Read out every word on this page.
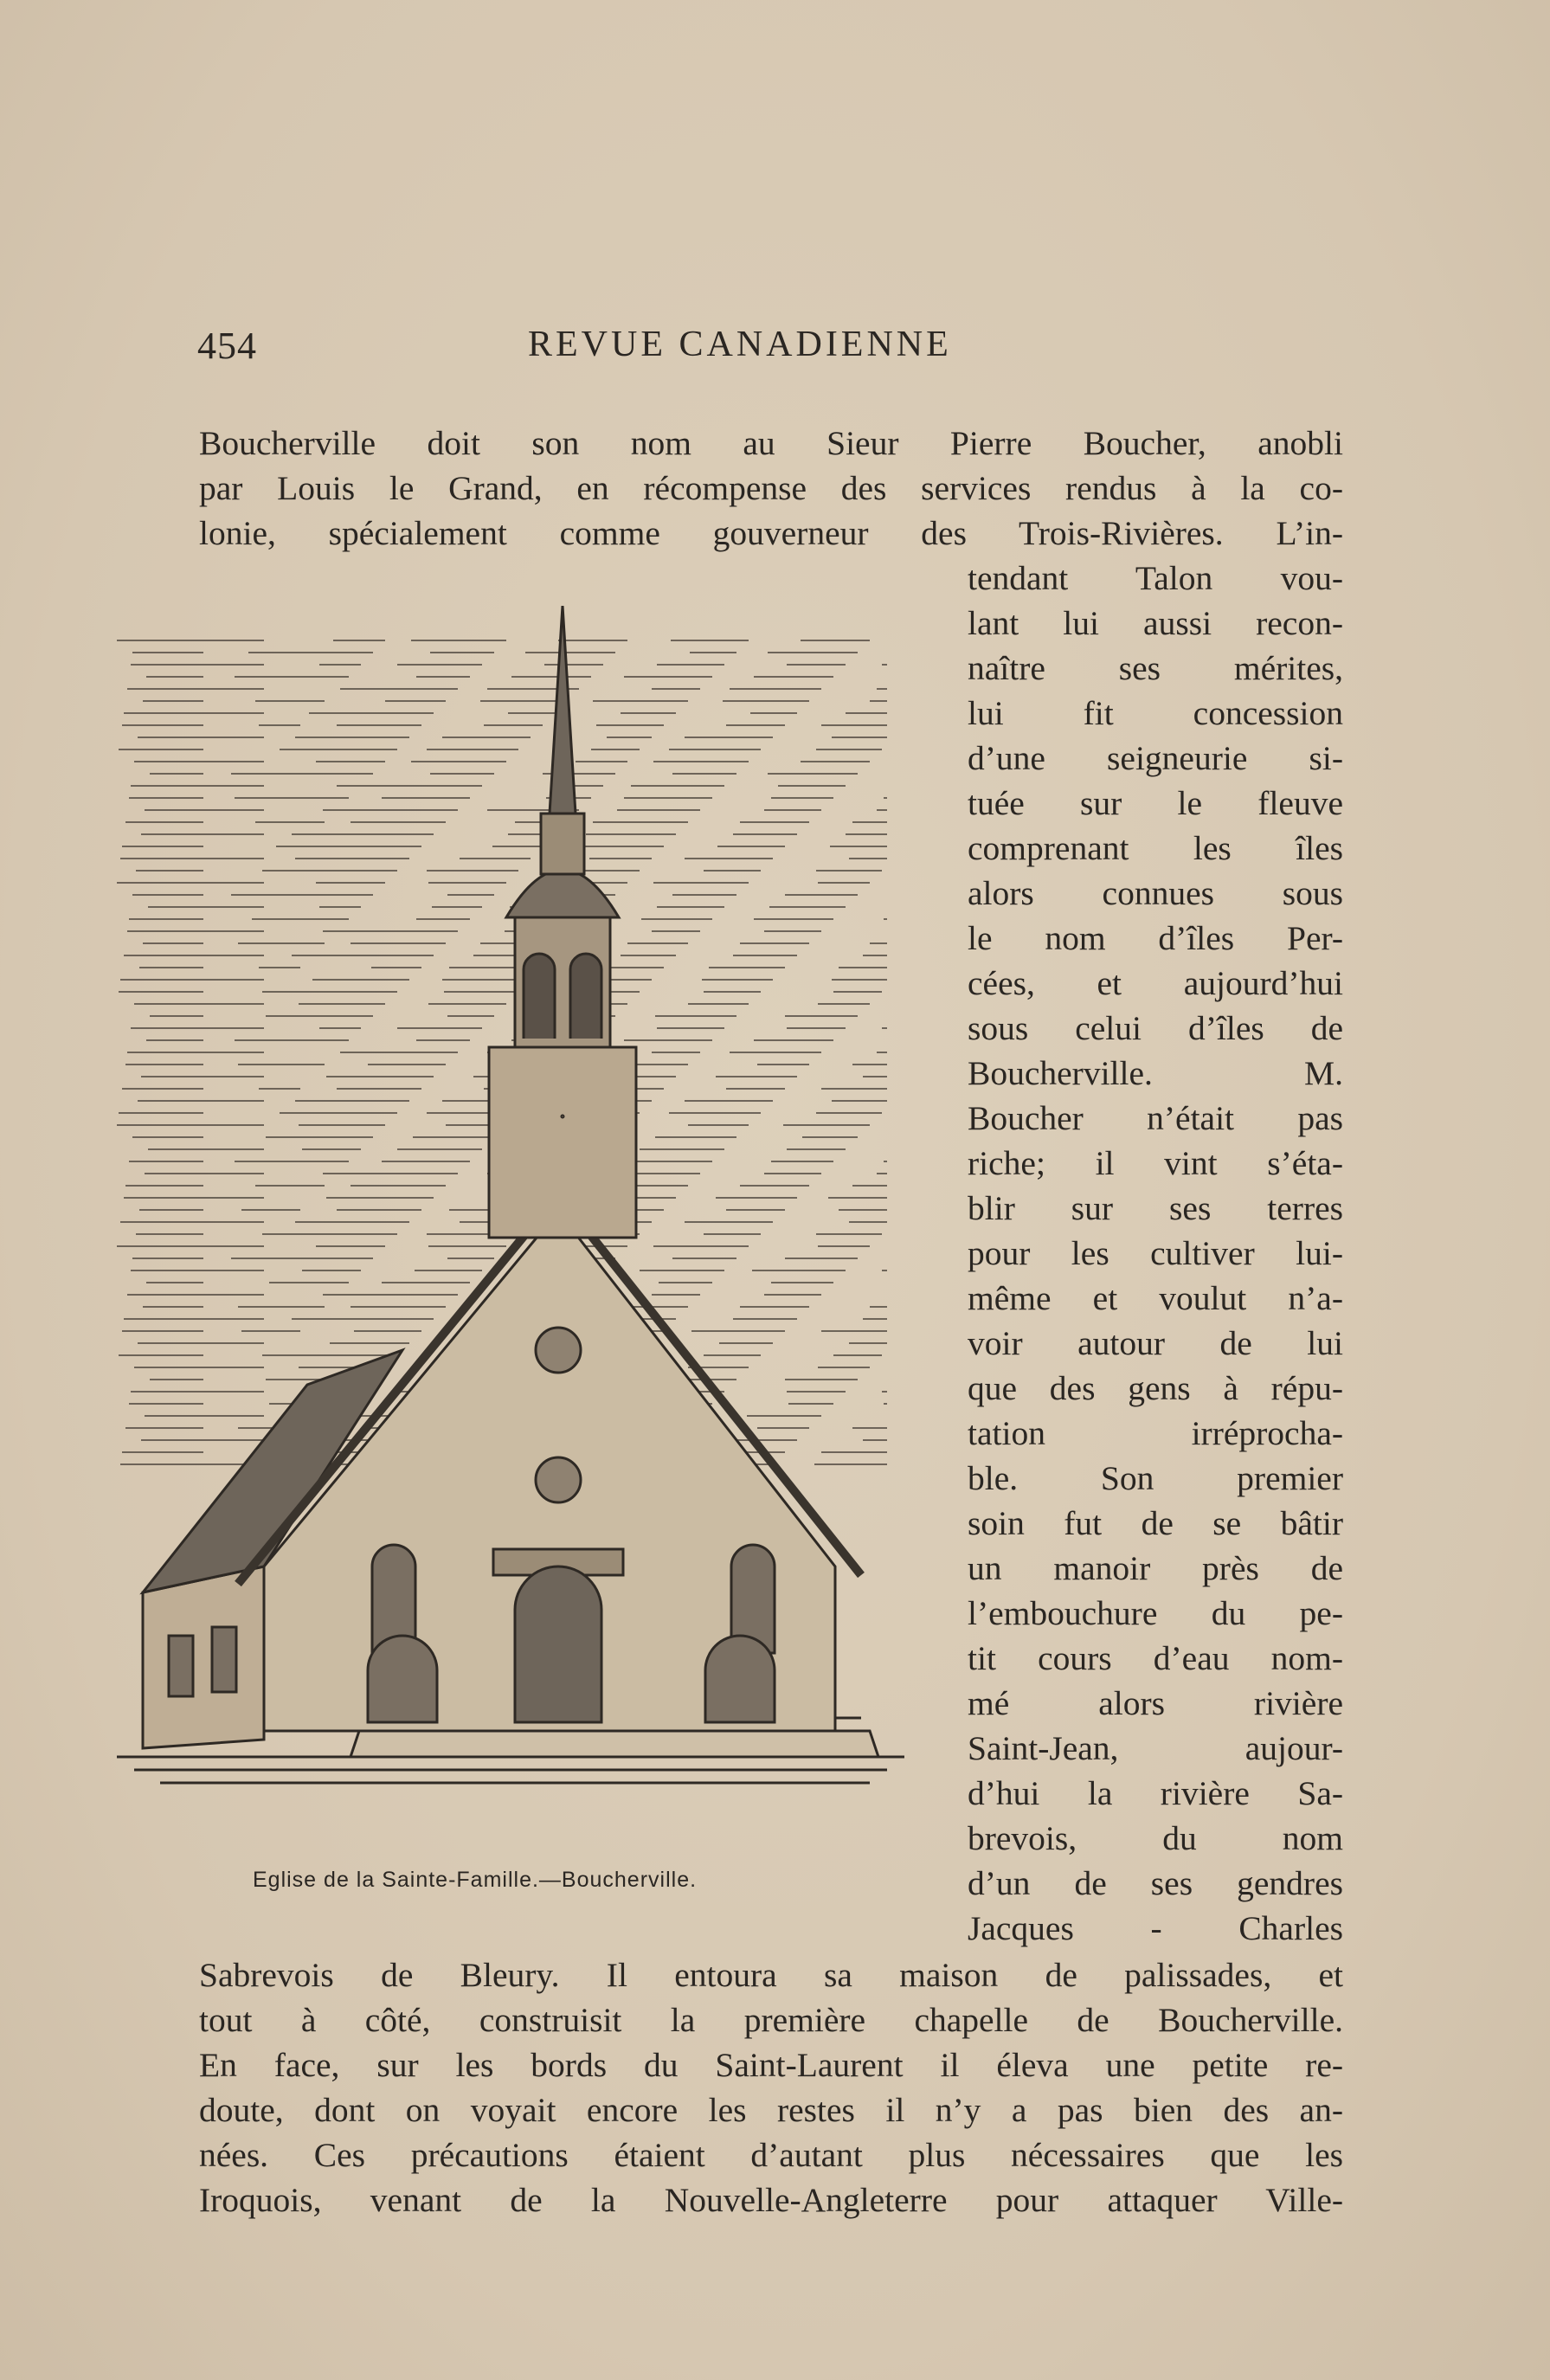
454	REVUE CANADIENNE
Boucherville doit son nom au Sieur Pierre Boucher, anobli
par Louis le Grand, en récompense des services rendus à la co-
lonie, spécialement comme gouverneur des Trois-Rivières. L’in-
tendant Talon vou-
lant lui aussi recon-
naître ses mérites,
lui fit concession
d’une seigneurie si-
tuée sur le fleuve
comprenant les îles
alors connues sous
le nom d’îles Per-
cées, et aujourd’hui
sous celui d’îles de
Boucherville. M.
Boucher n’était pas
riche; il vint s’éta-
blir sur ses terres
pour les cultiver lui-
même et voulut n’a-
voir autour de lui
que des gens à répu-
tation irréprocha-
ble. Son premier
soin fut de se bâtir
un manoir près de
l’embouchure du pe-
tit cours d’eau nom-
mé alors rivière
Saint-Jean, aujour-
d’hui la rivière Sa-
brevois, du nom
d’un de ses gendres
Jacques - Charles
Sabrevois de Bleury. Il entoura sa maison de palissades, et
tout à côté, construisit la première chapelle de Boucherville.
En face, sur les bords du Saint-Laurent il éleva une petite re-
doute, dont on voyait encore les restes il n’y a pas bien des an-
nées. Ces précautions étaient d’autant plus nécessaires que les
Iroquois, venant de la Nouvelle-Angleterre pour attaquer Ville-
Eglise de la Sainte-Famille.—Boucherville.
